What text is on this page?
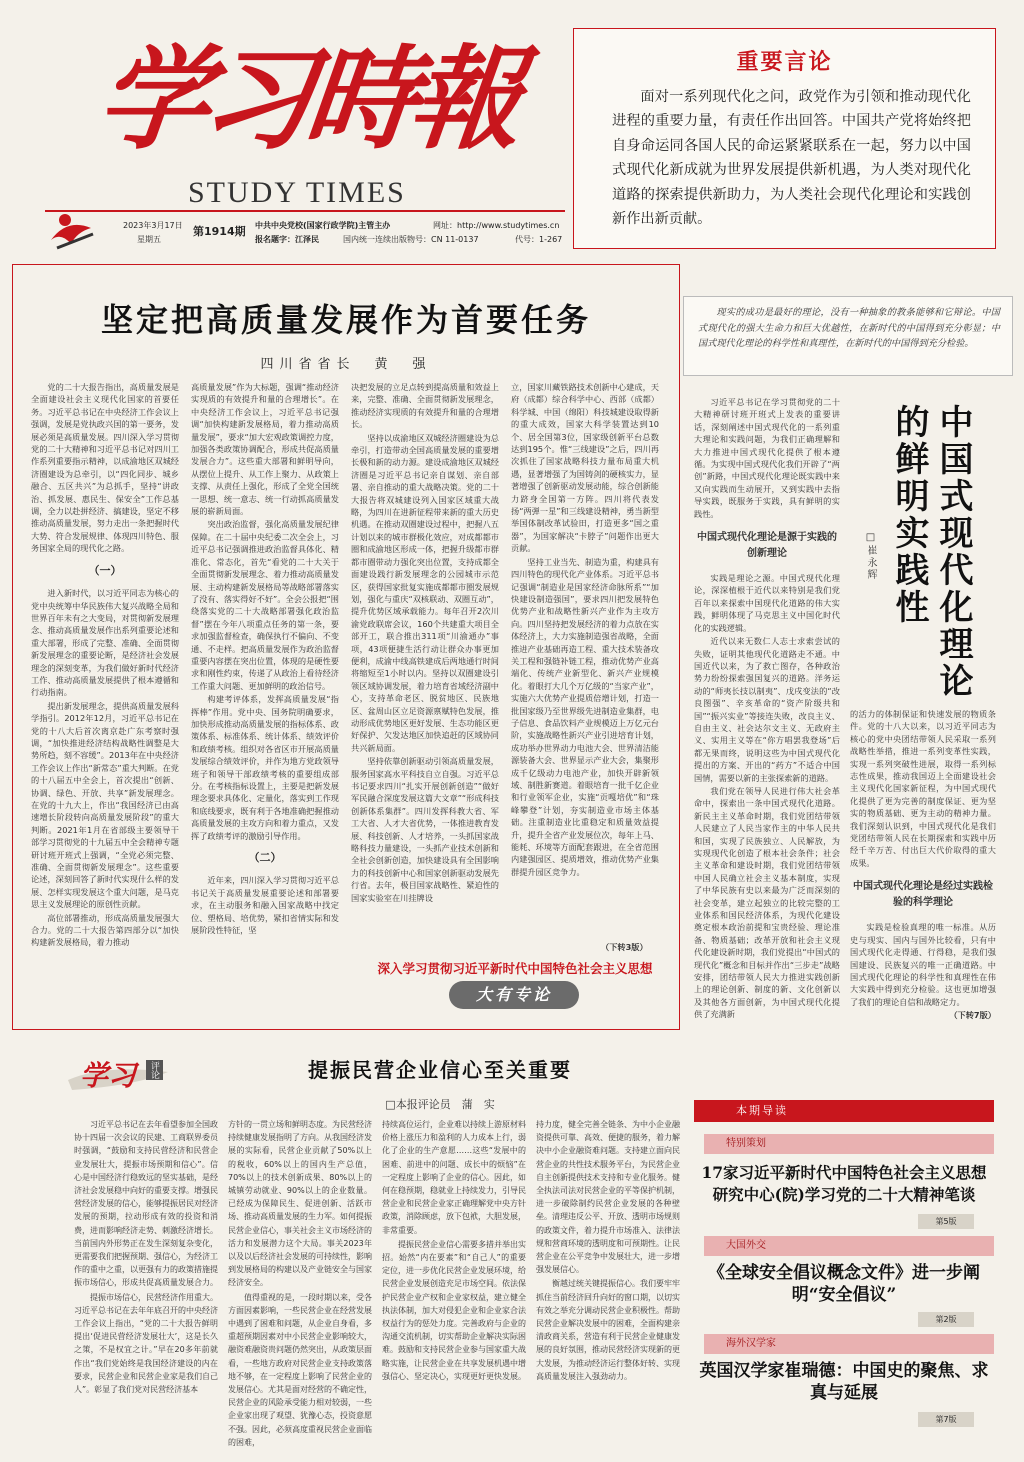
学习時報
STUDY TIMES
2023年3月17日
星期五
第1914期 中共中央党校(国家行政学院)主管主办	网址：http://www.studytimes.cn
报名题字：江泽民	国内统一连续出版物号：CN 11-0137	代号：1-267
重要言论
面对一系列现代化之问，政党作为引领和推动现代化进程的重要力量，有责任作出回答。中国共产党将始终把自身命运同各国人民的命运紧紧联系在一起，努力以中国式现代化新成就为世界发展提供新机遇，为人类对现代化道路的探索提供新助力，为人类社会现代化理论和实践创新作出新贡献。
坚定把高质量发展作为首要任务
四川省省长　黄　强

党的二十大报告指出，高质量发展是全面建设社会主义现代化国家的首要任务。习近平总书记在中央经济工作会议上强调，发展是党执政兴国的第一要务，发展必须是高质量发展。四川深入学习贯彻党的二十大精神和习近平总书记对四川工作系列重要指示精神，以成渝地区双城经济圈建设为总牵引，以“四化同步、城乡融合、五区共兴”为总抓手，坚持“讲政治、抓发展、惠民生、保安全”工作总基调，全力以赴拼经济、搞建设，坚定不移推动高质量发展，努力走出一条把握时代大势、符合发展规律、体现四川特色、服务国家全局的现代化之路。

（一）

进入新时代，以习近平同志为核心的党中央统筹中华民族伟大复兴战略全局和世界百年未有之大变局，对贯彻新发展理念、推动高质量发展作出系列重要论述和重大部署，形成了完整、准确、全面贯彻新发展理念的重要论断，是经济社会发展理念的深刻变革，为我们做好新时代经济工作、推动高质量发展提供了根本遵循和行动指南。

提出新发展理念，提供高质量发展科学指引。2012年12月，习近平总书记在党的十八大后首次离京赴广东考察时强调，“加快推进经济结构战略性调整是大势所趋，刻不容缓”。2013年在中央经济工作会议上作出“新常态”重大判断。在党的十八届五中全会上，首次提出“创新、协调、绿色、开放、共享”新发展理念。在党的十九大上，作出“我国经济已由高速增长阶段转向高质量发展阶段”的重大判断。2021年1月在省部级主要领导干部学习贯彻党的十九届五中全会精神专题研讨班开班式上强调，“全党必须完整、准确、全面贯彻新发展理念”。这些重要论述，深刻回答了新时代实现什么样的发展、怎样实现发展这个重大问题，是马克思主义发展理论的原创性贡献。

高位部署推动，形成高质量发展强大合力。党的二十大报告第四部分以“加快构建新发展格局，着力推动

高质量发展”作为大标题，强调“推动经济实现质的有效提升和量的合理增长”。在中央经济工作会议上，习近平总书记强调“加快构建新发展格局，着力推动高质量发展”，要求“加大宏观政策调控力度，加强各类政策协调配合，形成共促高质量发展合力”。这些重大部署和鲜明导向，从摆位上提升、从工作上聚力、从政策上支撑、从责任上强化，形成了全党全国统一思想、统一意志、统一行动抓高质量发展的崭新局面。

突出政治监督，强化高质量发展纪律保障。在二十届中央纪委二次全会上，习近平总书记强调推进政治监督具体化、精准化、常态化，首先“看党的二十大关于全面贯彻新发展理念、着力推动高质量发展、主动构建新发展格局等战略部署落实了没有、落实得好不好”。全会公报把“围绕落实党的二十大战略部署强化政治监督”摆在今年八项重点任务的第一条，要求加强监督检查，确保执行不偏向、不变通、不走样。把高质量发展作为政治监督重要内容摆在突出位置，体现的是硬性要求和刚性约束，传递了从政治上看待经济工作重大问题、更加鲜明的政治信号。

构建考评体系，发挥高质量发展“指挥棒”作用。党中央、国务院明确要求，加快形成推动高质量发展的指标体系、政策体系、标准体系、统计体系、绩效评价和政绩考核。组织对各省区市开展高质量发展综合绩效评价，并作为地方党政领导班子和领导干部政绩考核的重要组成部分。在考核指标设置上，主要是把新发展理念要求具体化、定量化，落实到工作现和底线要求，既有利于各地准确把握推动高质量发展的主攻方向和着力重点，又发挥了政绩考评的激励引导作用。

（二）

近年来，四川深入学习贯彻习近平总书记关于高质量发展重要论述和部署要求，在主动服务和融入国家战略中找定位、塑格局、培优势，紧扣省情实际和发展阶段性特征，坚

决把发展的立足点转到提高质量和效益上来，完整、准确、全面贯彻新发展理念，推动经济实现质的有效提升和量的合理增长。

坚持以成渝地区双城经济圈建设为总牵引，打造带动全国高质量发展的重要增长极和新的动力源。建设成渝地区双城经济圈是习近平总书记亲自谋划、亲自部署、亲自推动的重大战略决策。党的二十大报告将双城建设列入国家区域重大战略，为四川在进新征程带来新的重大历史机遇。在推动双圈建设过程中，把握八五计划以来的城市群极化效应，对成都都市圈和成渝地区形成一体，把握升级都市群都市圈带动力强化突出位置，支持成都全面建设践行新发展理念的公园城市示范区，获得国家批复实施成都都市圈发展规划，强化与重庆“双核联动、双圈互动”，提升优势区域承载能力。每年召开2次川渝党政联席会议，160个共建重大项目全部开工，联合推出311项“川渝通办”事项，43项便捷生活行动让群众办事更加便利，成渝中线高铁建成后两地通行时间将缩短至1小时以内。坚持以双圈建设引领区域协调发展，着力培育省域经济副中心，支持革命老区、脱贫地区、民族地区、盆周山区立足资源禀赋特色发展，推动形成优势地区更好发展、生态功能区更好保护、欠发达地区加快追赶的区域协同共兴新局面。

坚持依靠创新驱动引领高质量发展，服务国家高水平科技自立自强。习近平总书记要求四川“扎实开展创新创造”“做好军民融合深度发展这篇大文章”“形成科技创新体系集群”。四川发挥科教大省、军工大省、人才大省优势，一体推进教育发展、科技创新、人才培养，一头抓国家战略科技力量建设，一头抓产业技术创新和全社会创新创造，加快建设具有全国影响力的科技创新中心和国家创新驱动发展先行省。去年，极目国家战略性、紧迫性的国家实验室在川挂牌设

立，国家川藏铁路技术创新中心建成，天府（成都）综合科学中心、西部（成都）科学城、中国（绵阳）科技城建设取得新的重大成效，国家大科学装置达到10个、居全国第3位，国家级创新平台总数达到195个。惟“三线建设”之后，四川再次抓住了国家战略科技力量布局重大机遇，显著增强了为国铸剑的硬核实力，显著增强了创新驱动发展动能，综合创新能力跻身全国第一方阵。四川将代表发扬“两弹一星”和三线建设精神，勇当新型举国体制改革试验田，打造更多“国之重器”，为国家解决“卡脖子”问题作出更大贡献。

坚持工业当先、制造为重，构建具有四川特色的现代化产业体系。习近平总书记强调“制造业是国家经济命脉所系”“加快建设制造强国”，要求四川把发展特色优势产业和战略性新兴产业作为主攻方向。四川坚持把发展经济的着力点放在实体经济上，大力实施制造强省战略，全面推进产业基础再造工程、重大技术装备攻关工程和强链补链工程，推动优势产业高端化、传统产业新型化、新兴产业规模化。着眼打大几个万亿级的“当家产业”，实施六大优势产业提质倍增计划，打造一批国家级乃至世界级先进制造业集群，电子信息、食品饮料产业规模迈上万亿元台阶，实施战略性新兴产业引进培育计划，成功举办世界动力电池大会、世界清洁能源装备大会、世界显示产业大会，集聚形成千亿级动力电池产业，加快开辟新领域、制胜新赛道。着眼培育一批千亿企业和行业领军企业，实施“贡嘎培优”和“珠峰攀登”计划，夯实制造业市场主体基础。注重制造业比重稳定和质量效益提升，提升全省产业发展位次，每年上马、能耗、环境等方面配套跟进，在全省范围内建强园区、提质增效，推动优势产业集群提升园区竞争力。

（下转3版）
深入学习贯彻习近平新时代中国特色社会主义思想
大有专论
现实的成功是最好的理论，没有一种抽象的教条能够和它辩论。中国式现代化的强大生命力和巨大优越性，在新时代的中国得到充分彰显；中国式现代化理论的科学性和真理性，在新时代的中国得到充分检验。
中国式现代化理论的鲜明实践性
□崔永辉

习近平总书记在学习贯彻党的二十大精神研讨班开班式上发表的重要讲话，深刻阐述中国式现代化的一系列重大理论和实践问题，为我们正确理解和大力推进中国式现代化提供了根本遵循。为实现中国式现代化我们开辟了“两创”新路，中国式现代化理论既实践中来又向实践而生动展开，又到实践中去指导实践，既服务于实践，具有鲜明的实践性。

中国式现代化理论是源于实践的创新理论

实践是理论之源。中国式现代化理论，深深植根于近代以来特别是我们党百年以来探索中国现代化道路的伟大实践，鲜明体现了马克思主义中国化时代化的实践逻辑。

近代以来无数仁人志士求索尝试的失败，证明其他现代化道路走不通。中国近代以来，为了救亡图存，各种政治势力纷纷探索强国复兴的道路。洋务运动的“师夷长技以制夷”、戊戌变法的“改良图强”、辛亥革命的“资产阶级共和国”“振兴实业”等接连失败，改良主义、自由主义、社会达尔文主义、无政府主义、实用主义等在“你方唱罢我登场”后都无果而终，说明这些为中国式现代化提出的方案、开出的“药方”不适合中国国情，需要以新的主张探索新的道路。

我们党在领导人民进行伟大社会革命中，探索出一条中国式现代化道路。新民主主义革命时期，我们党团结带领人民建立了人民当家作主的中华人民共和国，实现了民族独立、人民解放，为实现现代化创造了根本社会条件；社会主义革命和建设时期，我们党团结带领中国人民确立社会主义基本制度，实现了中华民族有史以来最为广泛而深刻的社会变革，建立起独立的比较完整的工业体系和国民经济体系，为现代化建设奠定根本政治前提和宝贵经验、理论准备、物质基础；改革开放和社会主义现代化建设新时期，我们党提出“中国式的现代化”概念和目标并作出“三步走”战略安排，团结带领人民大力推进实践创新上的理论创新、制度的新、文化创新以及其他各方面创新，为中国式现代化提供了充满新

的活力的体制保证和快速发展的物质条件。党的十八大以来，以习近平同志为核心的党中央团结带领人民采取一系列战略性举措，推进一系列变革性实践，实现一系列突破性进展，取得一系列标志性成果，推动我国迈上全面建设社会主义现代化国家新征程，为中国式现代化提供了更为完善的制度保证、更为坚实的物质基础、更为主动的精神力量。我们深刻认识到，中国式现代化是我们党团结带领人民在长期探索和实践中历经千辛万苦、付出巨大代价取得的重大成果。

中国式现代化理论是经过实践检验的科学理论

实践是检验真理的唯一标准。从历史与现实、国内与国外比较看，只有中国式现代化走得通、行得稳，是我们强国建设、民族复兴的唯一正确道路。中国式现代化理论的科学性和真理性在伟大实践中得到充分检验。这也更加增强了我们的理论自信和战略定力。

（下转7版）

学习	评论	提振民营企业信心至关重要
□本报评论员　蒲　实

习近平总书记在去年看望参加全国政协十四届一次会议的民建、工商联界委员时强调，“鼓励和支持民营经济和民营企业发展壮大，提振市场预期和信心”。信心是中国经济行稳致远的坚实基础，是经济社会发展稳中向好的重要支撑。增强民营经济发展的信心，能够提振居民对经济发展的预期，拉动形成有效的投资和消费，进而影响经济走势、刺激经济增长。当前国内外形势正在发生深刻复杂变化，更需要我们把握预期、强信心，为经济工作的重中之重，以更强有力的政策措施提振市场信心，形成共促高质量发展合力。

提振市场信心，民营经济作用重大。习近平总书记在去年年底召开的中央经济工作会议上指出，“党的二十大报告鲜明提出‘促进民营经济发展壮大’，这是长久之策，不是权宜之计。”早在20多年前就作出“我们党始终是我国经济建设的内在要求，民营企业和民营企业家是我们自己人”。彰显了我们党对民营经济基本

方针的一贯立场和鲜明态度。为民营经济持续健康发展指明了方向。从我国经济发展的实际看，民营企业贡献了50%以上的税收，60%以上的国内生产总值，70%以上的技术创新成果、80%以上的城镇劳动就业、90%以上的企业数量。已经成为保障民生、促进创新、活跃市场、推动高质量发展的生力军。如何提振民营企业信心，事关社会主义市场经济的活力和发展潜力这个大局。事关2023年以及以后经济社会发展的可持续性，影响到发展格局的构建以及产业链安全与国家经济安全。

值得重视的是，一段时期以来，受各方面因素影响，一些民营企业在经营发展中遇到了困难和问题，从企业自身看，多重超预期因素对中小民营企业影响较大，融资难融资贵问题仍然突出，从政策层面看，一些地方政府对民营企业支持政策落地不够，在一定程度上影响了民营企业的发展信心。尤其是面对经营的不确定性，民营企业的风险承受能力相对较弱，一些企业家出现了观望、犹豫心态，投资意愿不强。因此，必须高度重视民营企业面临的困难，

持续高位运行，企业难以持续上游原材料价格上涨压力和盈利的人力成本上行，弱化了企业的生产意愿……这些“发展中的困难、前进中的问题、成长中的烦恼”在一定程度上影响了企业的信心。因此，如何在稳预期，稳就业上持续发力，引导民营企业和民营企业家正确理解党中央方针政策，消除顾虑，放下包袱，大胆发展，非常重要。

提振民营企业信心需要多措并举出实招。始然“内在要素”和“自己人”的重要定位，进一步优化民营企业发展环境，给民营企业发展创造充足市场空间。依法保护民营企业产权和企业家权益，建立健全执法体制，加大对侵犯企业和企业家合法权益行为的惩处力度。完善政府与企业的沟通交流机制，切实帮助企业解决实际困难。鼓励和支持民营企业参与国家重大战略实施，让民营企业在共享发展机遇中增强信心、坚定决心，实现更好更快发展。

持力度，健全完善全链条、为中小企业融资提供可靠、高效、便捷的服务，着力解决中小企业融资难问题。支持建立面向民营企业的共性技术服务平台，为民营企业自主创新提供技术支持和专业化服务。健全执法司法对民营企业的平等保护机制，进一步破除制约民营企业发展的各种壁垒。清理违反公平、开放、透明市场规则的政策文件，着力提升市场准入、法律法规和营商环境的透明度和可预期性。让民营企业在公平竞争中发展壮大，进一步增强发展信心。

衡越过统关键提振信心。我们要牢牢抓住当前经济回升向好的窗口期，以切实有效之举充分调动民营企业积极性。帮助民营企业解决发展中的困难，全面构建亲清政商关系，营造有利于民营企业健康发展的良好氛围，推动民营经济实现新的更大发展，为推动经济运行整体好转、实现高质量发展注入强劲动力。

本期导读
特别策划
17家习近平新时代中国特色社会主义思想研究中心(院)学习党的二十大精神笔谈
第5版
大国外交
《全球安全倡议概念文件》进一步阐明“安全倡议”
第2版
海外汉学家
英国汉学家崔瑞德：中国史的聚焦、求真与延展
第7版
